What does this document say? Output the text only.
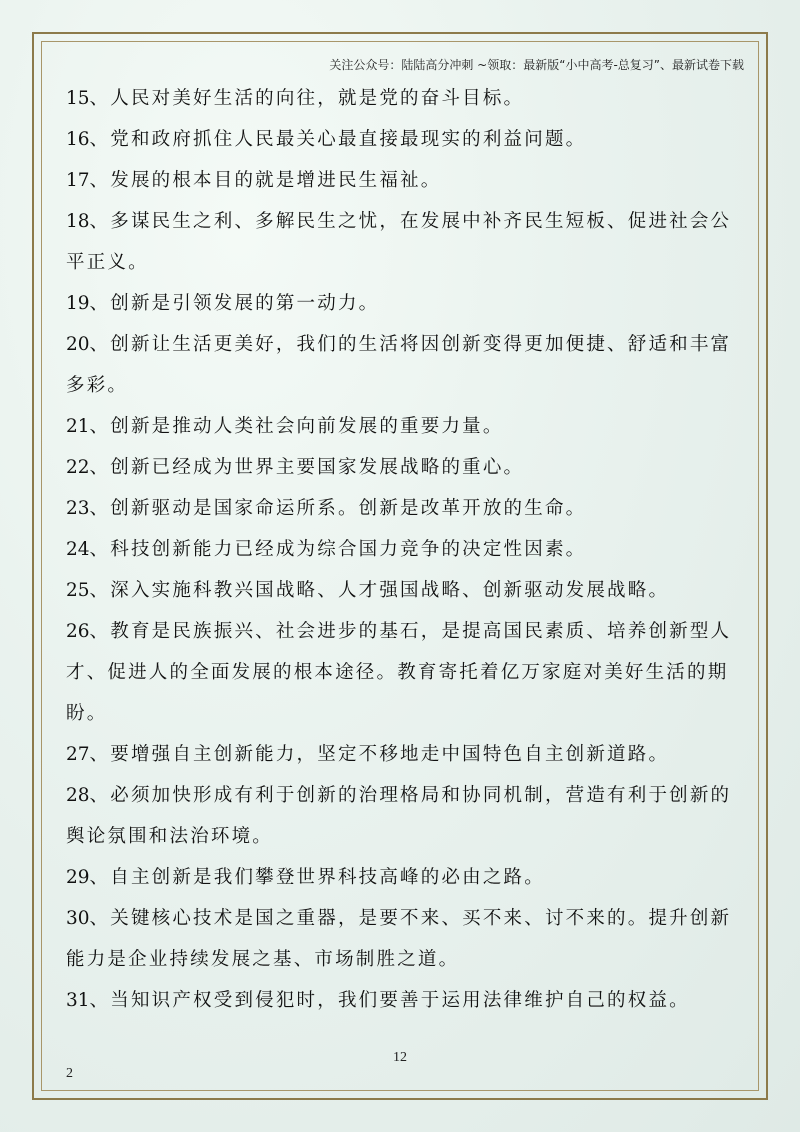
关注公众号：陆陆高分冲刺 ~领取：最新版“小中高考-总复习”、最新试卷下载

15、人民对美好生活的向往，就是党的奋斗目标。

16、党和政府抓住人民最关心最直接最现实的利益问题。

17、发展的根本目的就是增进民生福祉。

18、多谋民生之利、多解民生之忧，在发展中补齐民生短板、促进社会公平正义。

19、创新是引领发展的第一动力。

20、创新让生活更美好，我们的生活将因创新变得更加便捷、舒适和丰富多彩。

21、创新是推动人类社会向前发展的重要力量。

22、创新已经成为世界主要国家发展战略的重心。

23、创新驱动是国家命运所系。创新是改革开放的生命。

24、科技创新能力已经成为综合国力竞争的决定性因素。

25、深入实施科教兴国战略、人才强国战略、创新驱动发展战略。

26、教育是民族振兴、社会进步的基石，是提高国民素质、培养创新型人才、促进人的全面发展的根本途径。教育寄托着亿万家庭对美好生活的期盼。

27、要增强自主创新能力，坚定不移地走中国特色自主创新道路。

28、必须加快形成有利于创新的治理格局和协同机制，营造有利于创新的舆论氛围和法治环境。

29、自主创新是我们攀登世界科技高峰的必由之路。

30、关键核心技术是国之重器，是要不来、买不来、讨不来的。提升创新能力是企业持续发展之基、市场制胜之道。

31、当知识产权受到侵犯时，我们要善于运用法律维护自己的权益。

12
2
